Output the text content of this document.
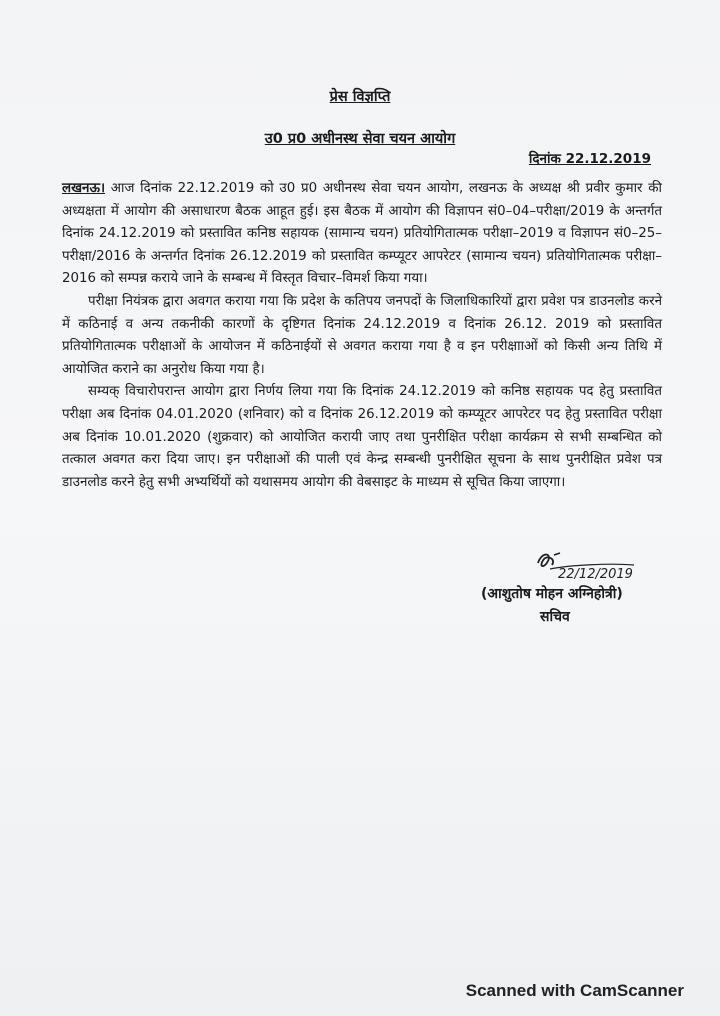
प्रेस विज्ञप्ति
उ0 प्र0 अधीनस्थ सेवा चयन आयोग
दिनांक 22.12.2019

लखनऊ। आज दिनांक 22.12.2019 को उ0 प्र0 अधीनस्थ सेवा चयन आयोग, लखनऊ के अध्यक्ष श्री प्रवीर कुमार की अध्यक्षता में आयोग की असाधारण बैठक आहूत हुई। इस बैठक में आयोग की विज्ञापन सं0–04–परीक्षा/2019 के अन्तर्गत दिनांक 24.12.2019 को प्रस्तावित कनिष्ठ सहायक (सामान्य चयन) प्रतियोगितात्मक परीक्षा–2019 व विज्ञापन सं0–25–परीक्षा/2016 के अन्तर्गत दिनांक 26.12.2019 को प्रस्तावित कम्प्यूटर आपरेटर (सामान्य चयन) प्रतियोगितात्मक परीक्षा–2016 को सम्पन्न कराये जाने के सम्बन्ध में विस्तृत विचार–विमर्श किया गया।

परीक्षा नियंत्रक द्वारा अवगत कराया गया कि प्रदेश के कतिपय जनपदों के जिलाधिकारियों द्वारा प्रवेश पत्र डाउनलोड करने में कठिनाई व अन्य तकनीकी कारणों के दृष्टिगत दिनांक 24.12.2019 व दिनांक 26.12. 2019 को प्रस्तावित प्रतियोगितात्मक परीक्षाओं के आयोजन में कठिनाईयों से अवगत कराया गया है व इन परीक्षााओं को किसी अन्य तिथि में आयोजित कराने का अनुरोध किया गया है।

सम्यक् विचारोपरान्त आयोग द्वारा निर्णय लिया गया कि दिनांक 24.12.2019 को कनिष्ठ सहायक पद हेतु प्रस्तावित परीक्षा अब दिनांक 04.01.2020 (शनिवार) को व दिनांक 26.12.2019 को कम्प्यूटर आपरेटर पद हेतु प्रस्तावित परीक्षा अब दिनांक 10.01.2020 (शुक्रवार) को आयोजित करायी जाए तथा पुनरीक्षित परीक्षा कार्यक्रम से सभी सम्बन्धित को तत्काल अवगत करा दिया जाए। इन परीक्षाओं की पाली एवं केन्द्र सम्बन्धी पुनरीक्षित सूचना के साथ पुनरीक्षित प्रवेश पत्र डाउनलोड करने हेतु सभी अभ्यर्थियों को यथासमय आयोग की वेबसाइट के माध्यम से सूचित किया जाएगा।

22/12/2019
(आशुतोष मोहन अग्निहोत्री)
सचिव
Scanned with CamScanner
